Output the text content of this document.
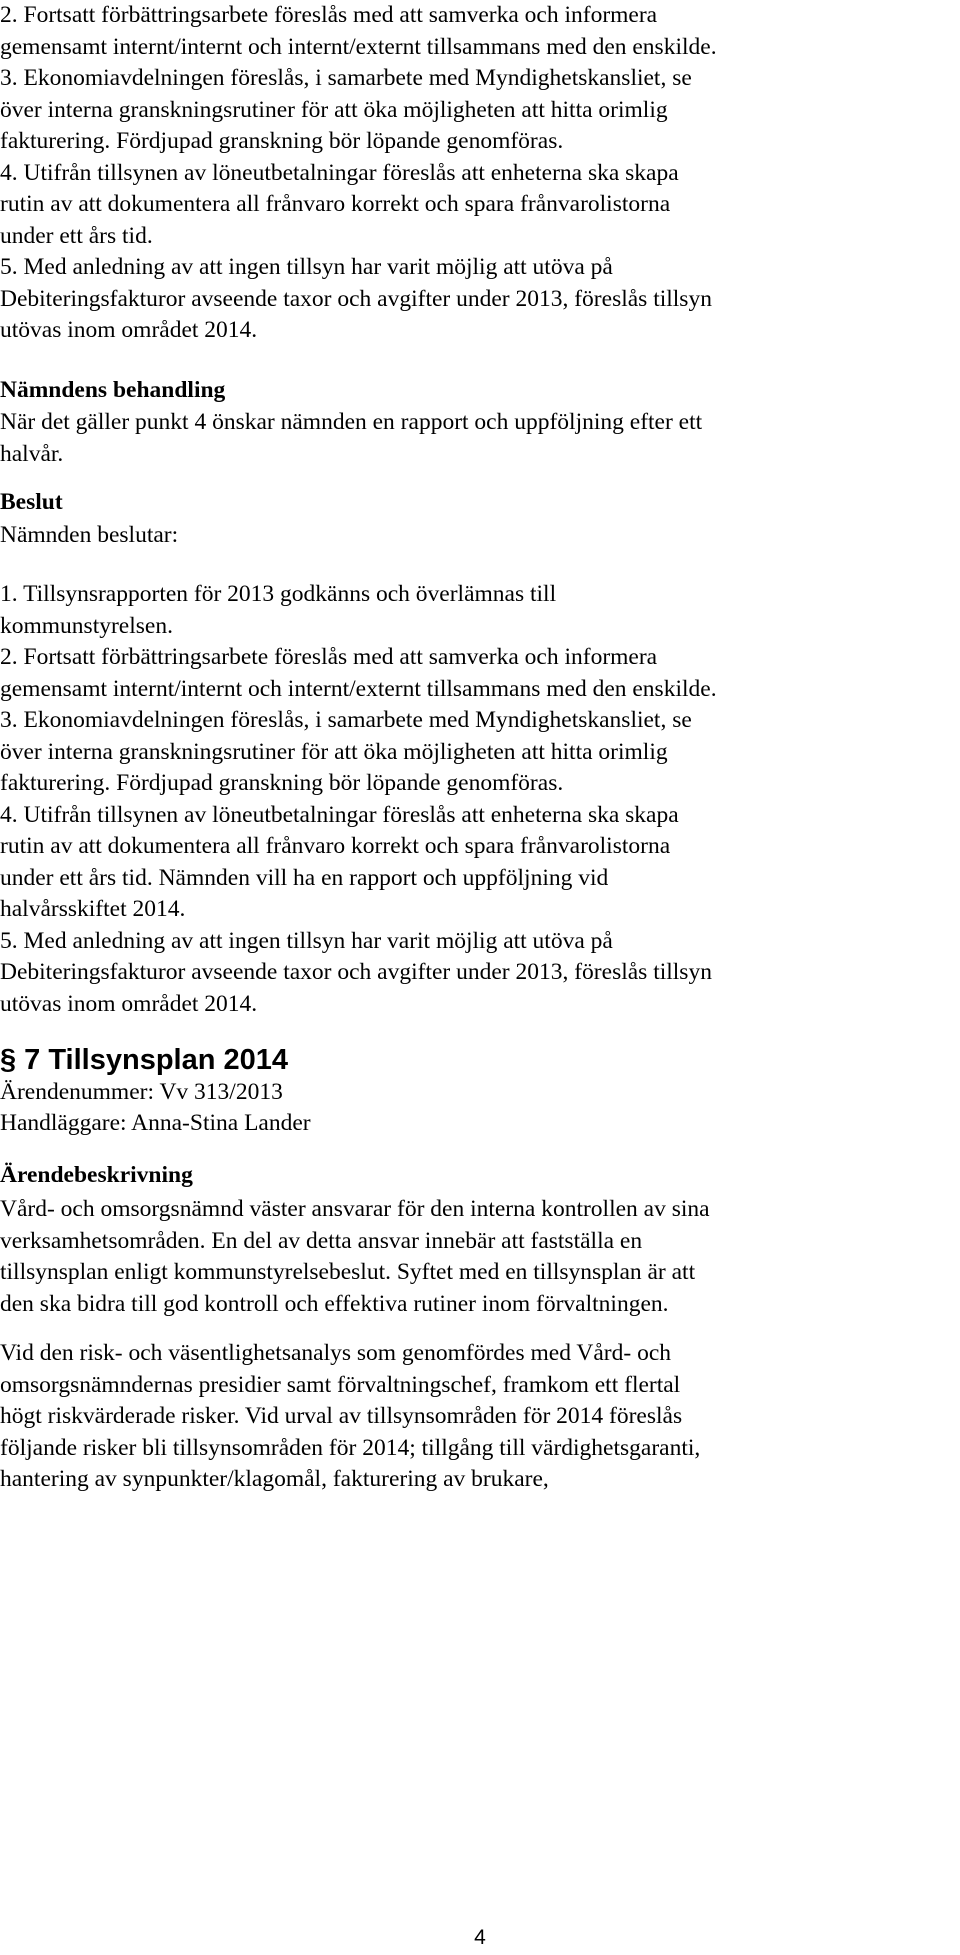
2. Fortsatt förbättringsarbete föreslås med att samverka och informera
gemensamt internt/internt och internt/externt tillsammans med den enskilde.
3. Ekonomiavdelningen föreslås, i samarbete med Myndighetskansliet, se
över interna granskningsrutiner för att öka möjligheten att hitta orimlig
fakturering. Fördjupad granskning bör löpande genomföras.
4. Utifrån tillsynen av löneutbetalningar föreslås att enheterna ska skapa
rutin av att dokumentera all frånvaro korrekt och spara frånvarolistorna
under ett års tid.
5. Med anledning av att ingen tillsyn har varit möjlig att utöva på
Debiteringsfakturor avseende taxor och avgifter under 2013, föreslås tillsyn
utövas inom området 2014.
Nämndens behandling
När det gäller punkt 4 önskar nämnden en rapport och uppföljning efter ett
halvår.
Beslut
Nämnden beslutar:
1. Tillsynsrapporten för 2013 godkänns och överlämnas till
kommunstyrelsen.
2. Fortsatt förbättringsarbete föreslås med att samverka och informera
gemensamt internt/internt och internt/externt tillsammans med den enskilde.
3. Ekonomiavdelningen föreslås, i samarbete med Myndighetskansliet, se
över interna granskningsrutiner för att öka möjligheten att hitta orimlig
fakturering. Fördjupad granskning bör löpande genomföras.
4. Utifrån tillsynen av löneutbetalningar föreslås att enheterna ska skapa
rutin av att dokumentera all frånvaro korrekt och spara frånvarolistorna
under ett års tid. Nämnden vill ha en rapport och uppföljning vid
halvårsskiftet 2014.
5. Med anledning av att ingen tillsyn har varit möjlig att utöva på
Debiteringsfakturor avseende taxor och avgifter under 2013, föreslås tillsyn
utövas inom området 2014.
§ 7 Tillsynsplan 2014
Ärendenummer: Vv 313/2013
Handläggare: Anna-Stina Lander
Ärendebeskrivning
Vård- och omsorgsnämnd väster ansvarar för den interna kontrollen av sina
verksamhetsområden. En del av detta ansvar innebär att fastställa en
tillsynsplan enligt kommunstyrelsebeslut. Syftet med en tillsynsplan är att
den ska bidra till god kontroll och effektiva rutiner inom förvaltningen.
Vid den risk- och väsentlighetsanalys som genomfördes med Vård- och
omsorgsnämndernas presidier samt förvaltningschef, framkom ett flertal
högt riskvärderade risker. Vid urval av tillsynsområden för 2014 föreslås
följande risker bli tillsynsområden för 2014; tillgång till värdighetsgaranti,
hantering av synpunkter/klagomål, fakturering av brukare,
4
